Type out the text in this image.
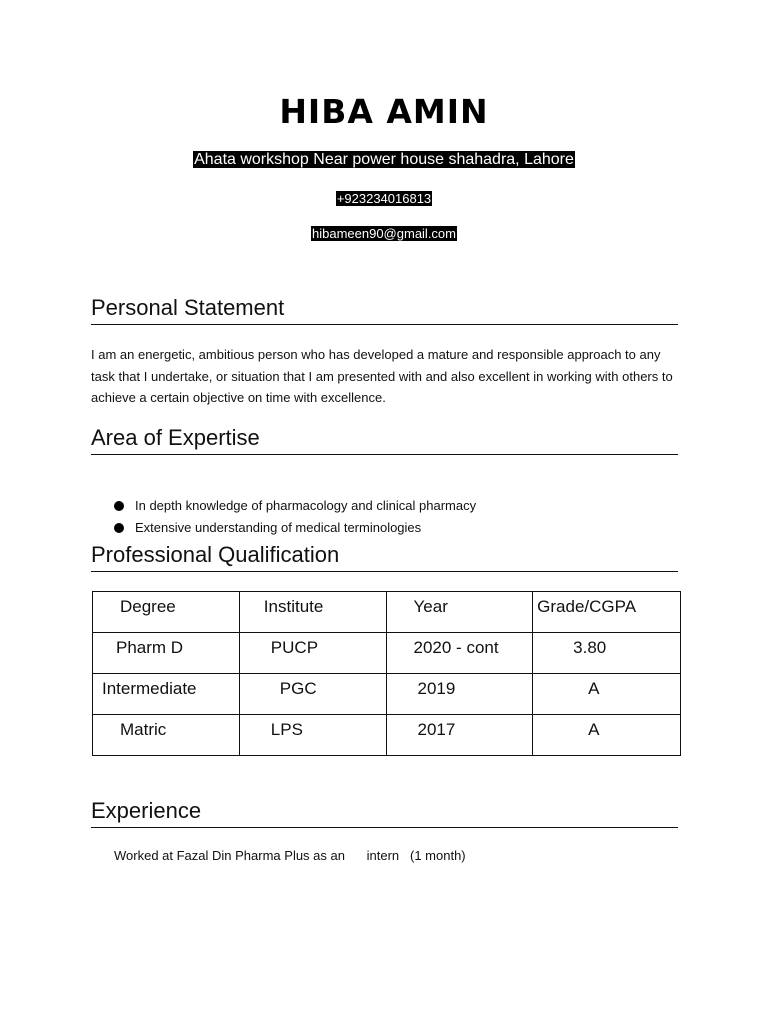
HIBA AMIN
Ahata workshop Near power house shahadra, Lahore
+923234016813
hibameen90@gmail.com
Personal Statement
I am an energetic, ambitious person who has developed a mature and responsible approach to any task that I undertake, or situation that I am presented with and also excellent in working with others to achieve a certain objective on time with excellence.
Area of Expertise
In depth knowledge of pharmacology and clinical pharmacy
Extensive understanding of medical terminologies
Professional Qualification
Degree	Institute	Year	Grade/CGPA

Pharm D	PUCP	2020 - cont	3.80

Intermediate	PGC	2019	A

Matric	LPS	2017	A
Experience
Worked at Fazal Din Pharma Plus as an      intern   (1 month)
